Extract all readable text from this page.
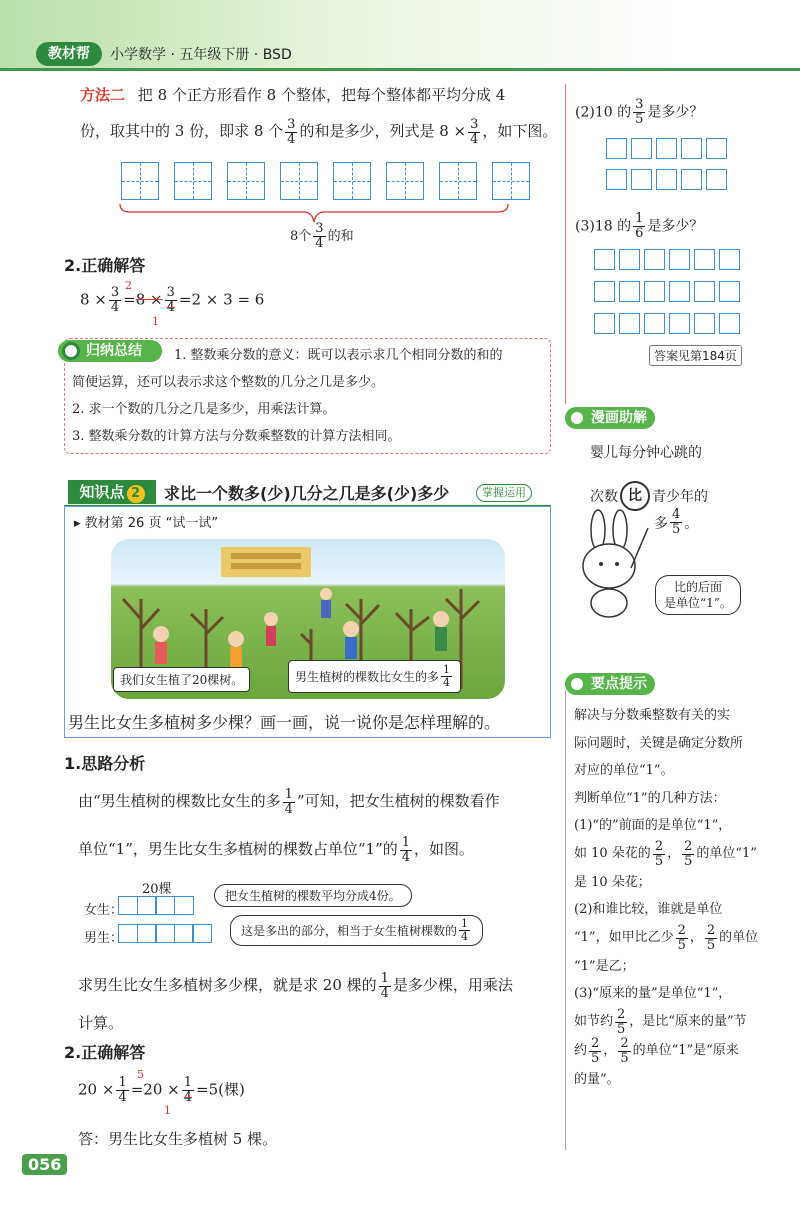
教材帮	小学数学 · 五年级下册 · BSD
方法二 把 8 个正方形看作 8 个整体，把每个整体都平均分成 4
份，取其中的 3 份，即求 8 个 $\frac{3}{4}$ 的和是多少，列式是 $8 \times \frac{3}{4}$ ，如下图。
8个 $\frac{3}{4}$ 的和
2.正确解答
$8 \times \frac{3}{4} =8 \times \frac{3}{4} =2 \times 3 = 6$
2
1
归纳总结	1. 整数乘分数的意义：既可以表示求几个相同分数的和的
简便运算，还可以表示求这个整数的几分之几是多少。
2. 求一个数的几分之几是多少，用乘法计算。
3. 整数乘分数的计算方法与分数乘整数的计算方法相同。
知识点 2	求比一个数多(少)几分之几是多(少)多少	掌握运用
▸ 教材第 26 页 “试一试”
我们女生植了20棵树。	男生植树的棵数比女生的多 $\frac{1}{4}$
男生比女生多植树多少棵？画一画，说一说你是怎样理解的。
1.思路分析
由“男生植树的棵数比女生的多 $\frac{1}{4}$ ”可知，把女生植树的棵数看作
单位“1”，男生比女生多植树的棵数占单位“1”的 $\frac{1}{4}$ ，如图。
20棵
女生：
男生：
把女生植树的棵数平均分成4份。
这是多出的部分，相当于女生植树棵数的 $\frac{1}{4}$
求男生比女生多植树多少棵，就是求 20 棵的 $\frac{1}{4}$ 是多少棵，用乘法
计算。
2.正确解答
$20 \times \frac{1}{4} =20 \times \frac{1}{4} =5$(棵)
5
1
答：男生比女生多植树 5 棵。
(2)10 的 $\frac{3}{5}$ 是多少？
(3)18 的 $\frac{1}{6}$ 是多少？
答案见第184页
漫画助解
婴儿每分钟心跳的
次数 比 青少年的
多 $\frac{4}{5}$ 。
比的后面
是单位“1”。
要点提示
解决与分数乘整数有关的实
际问题时，关键是确定分数所
对应的单位“1”。
判断单位“1”的几种方法：
(1)“的”前面的是单位“1”，
如 10 朵花的 $\frac{2}{5}$ ， $\frac{2}{5}$ 的单位“1”
是 10 朵花；
(2)和谁比较，谁就是单位
“1”，如甲比乙少 $\frac{2}{5}$ ， $\frac{2}{5}$ 的单位
“1”是乙；
(3)“原来的量”是单位“1”，
如节约 $\frac{2}{5}$ ，是比“原来的量”节
约 $\frac{2}{5}$ ， $\frac{2}{5}$ 的单位“1”是“原来
的量”。
056
